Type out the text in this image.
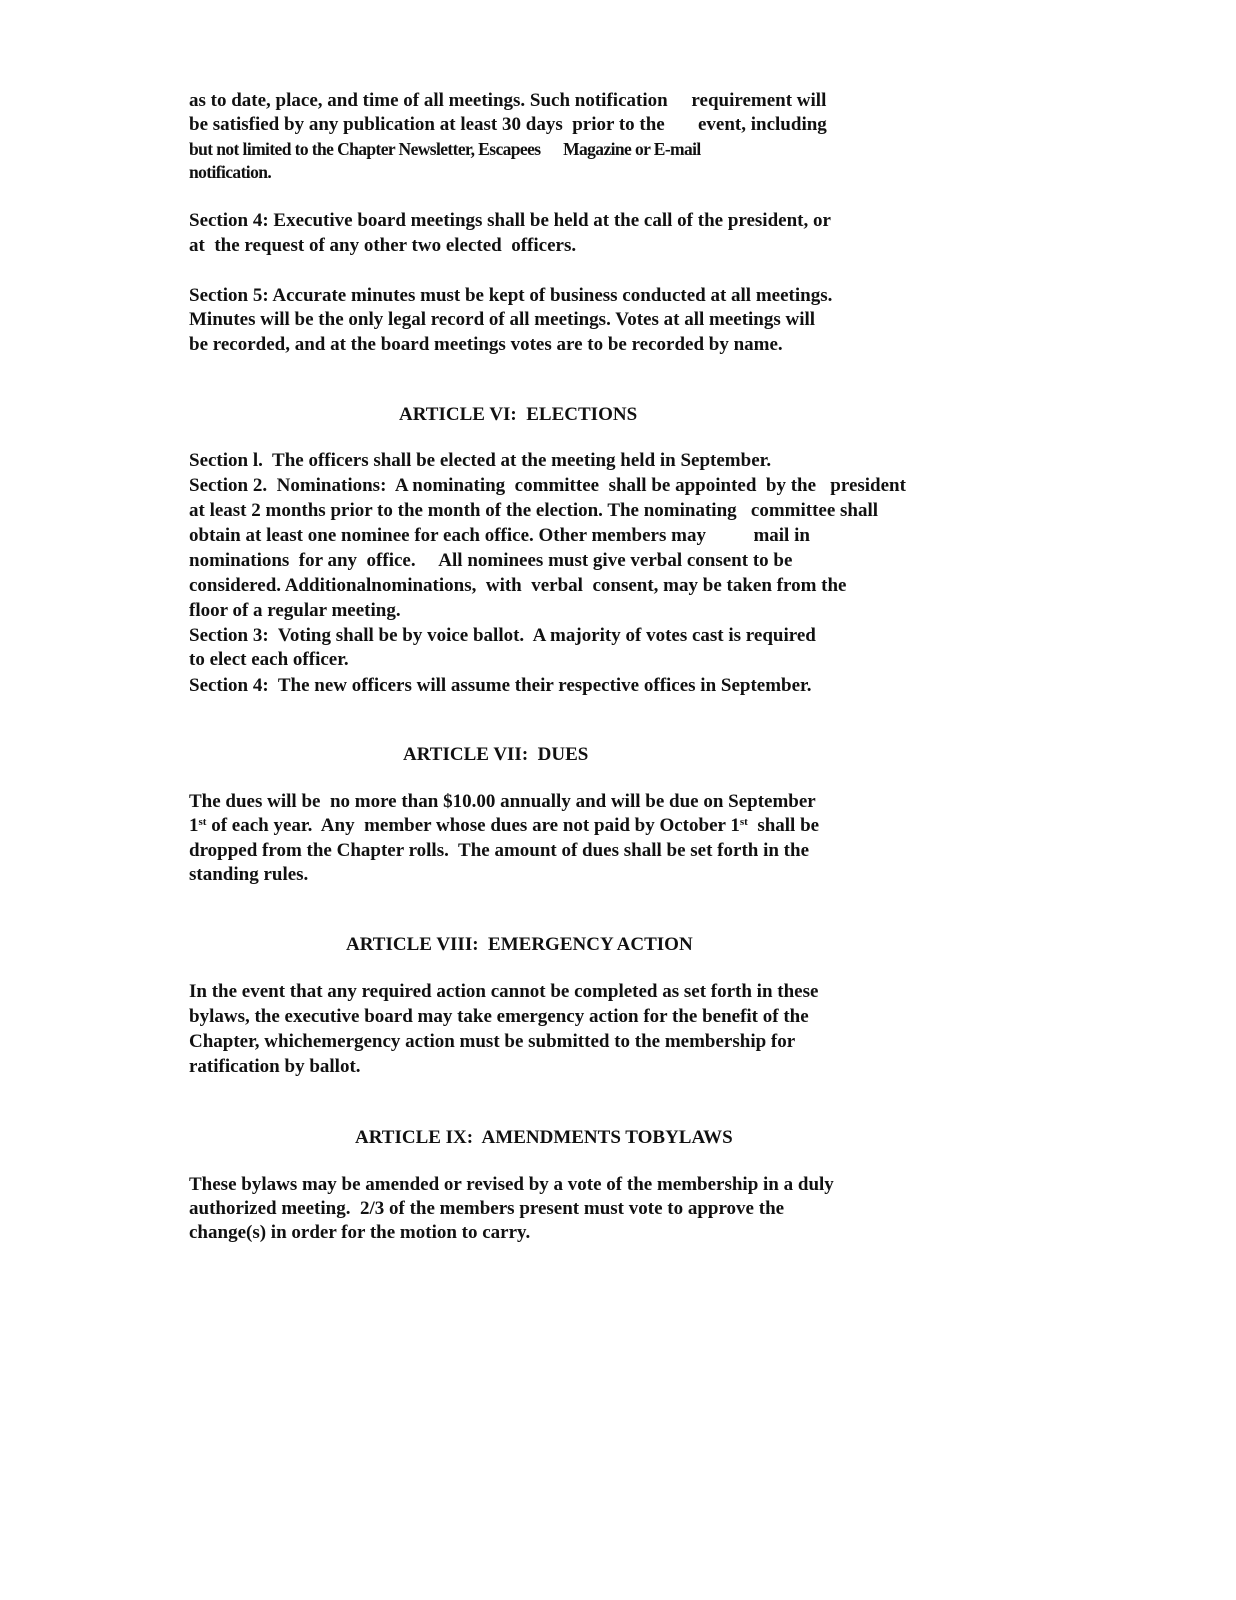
as to date, place, and time of all meetings. Such notification     requirement will
be satisfied by any publication at least 30 days  prior to the       event, including
but not limited to the Chapter Newsletter, Escapees      Magazine or E-mail
notification.
Section 4: Executive board meetings shall be held at the call of the president, or
at  the request of any other two elected  officers.
Section 5: Accurate minutes must be kept of business conducted at all meetings.
Minutes will be the only legal record of all meetings. Votes at all meetings will
be recorded, and at the board meetings votes are to be recorded by name.
ARTICLE VI:  ELECTIONS
Section l.  The officers shall be elected at the meeting held in September.
Section 2.  Nominations:  A nominating  committee  shall be appointed  by the   president
at least 2 months prior to the month of the election. The nominating   committee shall
obtain at least one nominee for each office. Other members may          mail in
nominations  for any  office.     All nominees must give verbal consent to be
considered. Additionalnominations,  with  verbal  consent, may be taken from the
floor of a regular meeting.
Section 3:  Voting shall be by voice ballot.  A majority of votes cast is required
to elect each officer.
Section 4:  The new officers will assume their respective offices in September.
ARTICLE VII:  DUES
The dues will be  no more than $10.00 annually and will be due on September
1st of each year.  Any  member whose dues are not paid by October 1st  shall be
dropped from the Chapter rolls.  The amount of dues shall be set forth in the
standing rules.
ARTICLE VIII:  EMERGENCY ACTION
In the event that any required action cannot be completed as set forth in these
bylaws, the executive board may take emergency action for the benefit of the
Chapter, whichemergency action must be submitted to the membership for
ratification by ballot.
ARTICLE IX:  AMENDMENTS TOBYLAWS
These bylaws may be amended or revised by a vote of the membership in a duly
authorized meeting.  2/3 of the members present must vote to approve the
change(s) in order for the motion to carry.
